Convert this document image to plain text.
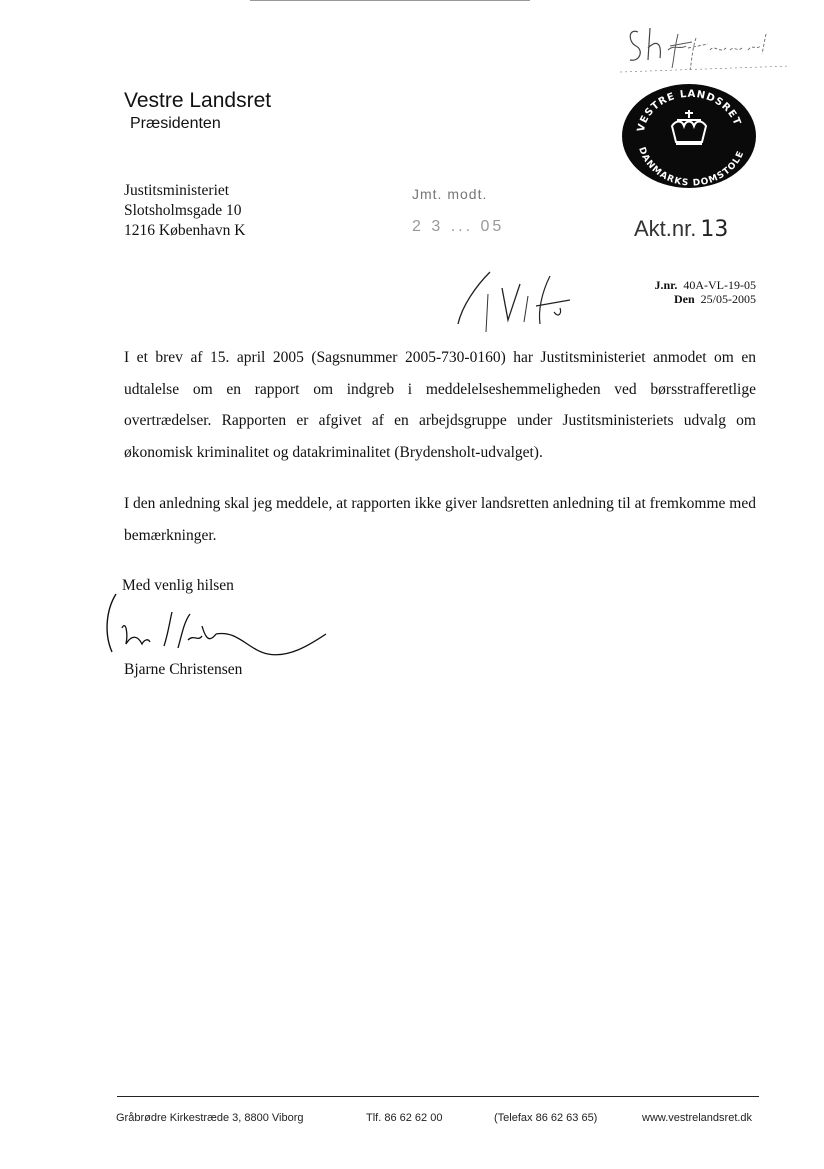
Vestre Landsret
Præsidenten	VESTRE LANDSRET
DANMARKS DOMSTOLE
Justitsministeriet
Slotsholmsgade 10
1216 København K
Jmt. modt.
2 3 ... 05	Akt.nr. 13
J.nr. 40A-VL-19-05
Den 25/05-2005
I et brev af 15. april 2005 (Sagsnummer 2005-730-0160) har Justitsministeriet anmodet om en udtalelse om en rapport om indgreb i meddelelseshemmeligheden ved børsstrafferetlige overtrædelser. Rapporten er afgivet af en arbejdsgruppe under Justitsministeriets udvalg om økonomisk kriminalitet og datakriminalitet (Brydensholt-udvalget).
I den anledning skal jeg meddele, at rapporten ikke giver landsretten anledning til at fremkomme med bemærkninger.
Med venlig hilsen
Bjarne Christensen
Gråbrødre Kirkestræde 3, 8800 Viborg	Tlf. 86 62 62 00	(Telefax 86 62 63 65)	www.vestrelandsret.dk
